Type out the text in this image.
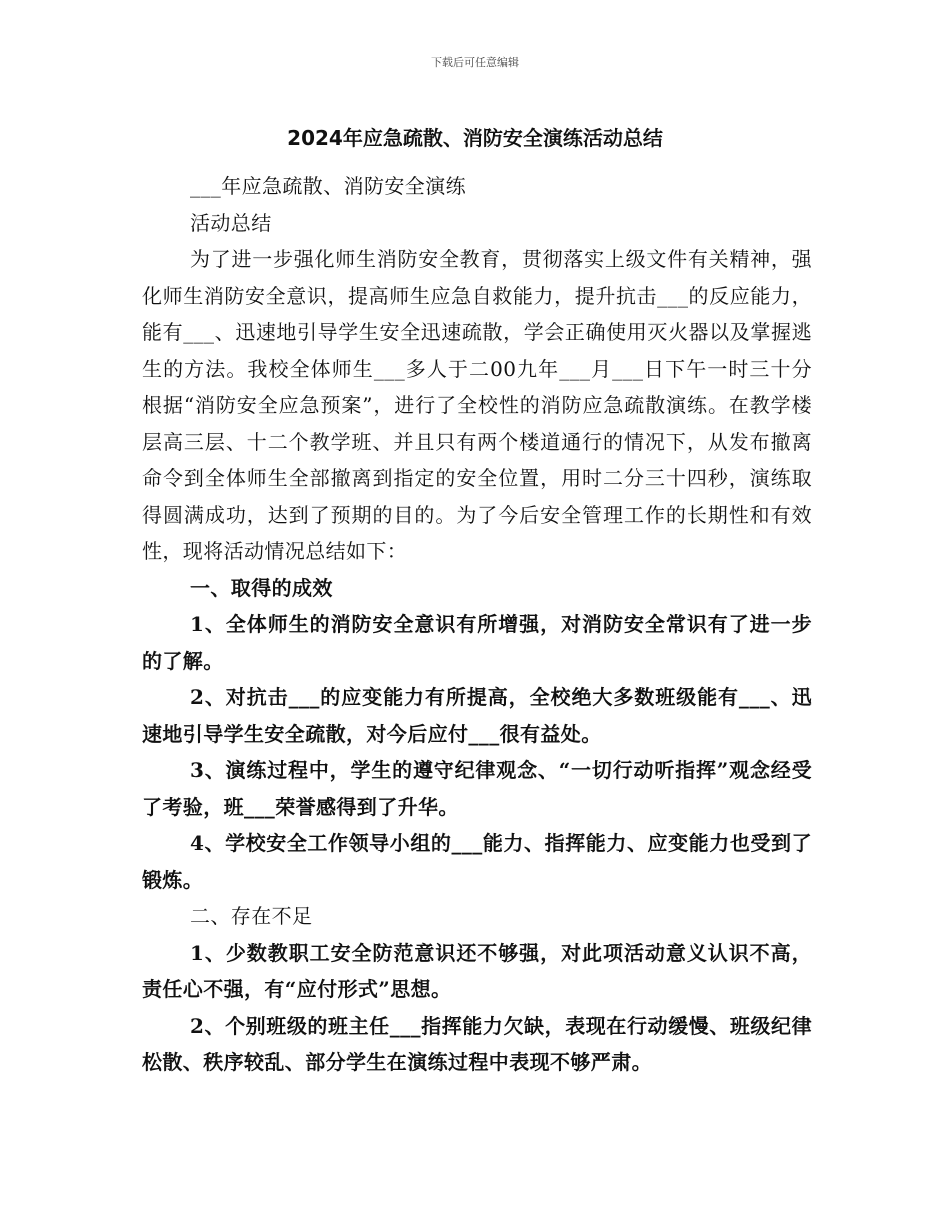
下载后可任意编辑
2024年应急疏散、消防安全演练活动总结

___年应急疏散、消防安全演练

活动总结

为了进一步强化师生消防安全教育，贯彻落实上级文件有关精神，强化师生消防安全意识，提高师生应急自救能力，提升抗击___的反应能力，能有___、迅速地引导学生安全迅速疏散，学会正确使用灭火器以及掌握逃生的方法。我校全体师生___多人于二00九年___月___日下午一时三十分根据“消防安全应急预案”，进行了全校性的消防应急疏散演练。在教学楼层高三层、十二个教学班、并且只有两个楼道通行的情况下，从发布撤离命令到全体师生全部撤离到指定的安全位置，用时二分三十四秒，演练取得圆满成功，达到了预期的目的。为了今后安全管理工作的长期性和有效性，现将活动情况总结如下：

一、取得的成效

1、全体师生的消防安全意识有所增强，对消防安全常识有了进一步的了解。

2、对抗击___的应变能力有所提高，全校绝大多数班级能有___、迅速地引导学生安全疏散，对今后应付___很有益处。

3、演练过程中，学生的遵守纪律观念、“一切行动听指挥”观念经受了考验，班___荣誉感得到了升华。

4、学校安全工作领导小组的___能力、指挥能力、应变能力也受到了锻炼。

二、存在不足

1、少数教职工安全防范意识还不够强，对此项活动意义认识不高，责任心不强，有“应付形式”思想。

2、个别班级的班主任___指挥能力欠缺，表现在行动缓慢、班级纪律松散、秩序较乱、部分学生在演练过程中表现不够严肃。
